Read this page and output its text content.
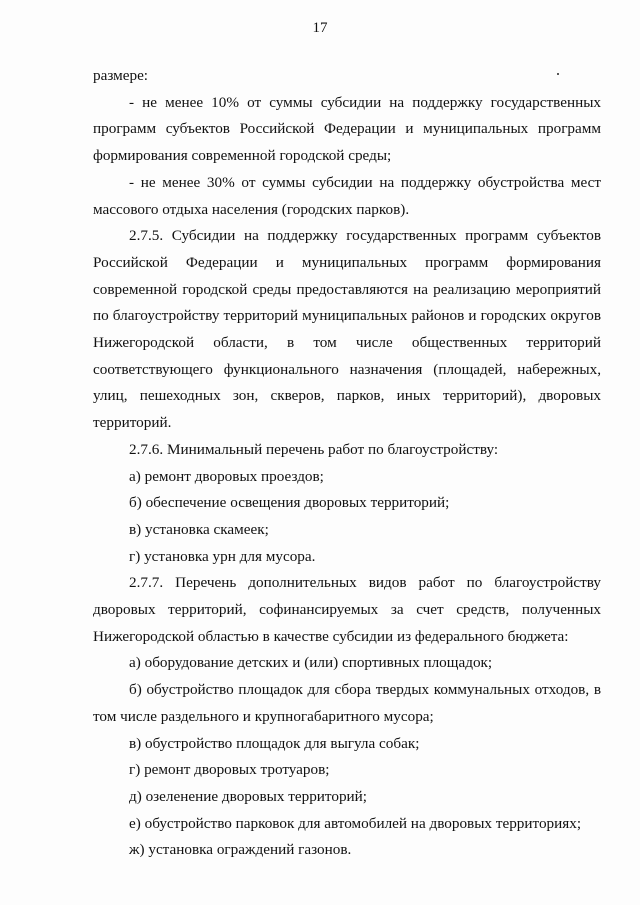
17

размере:

- не менее 10% от суммы субсидии на поддержку государственных программ субъектов Российской Федерации и муниципальных программ формирования современной городской среды;

- не менее 30% от суммы субсидии на поддержку обустройства мест массового отдыха населения (городских парков).

2.7.5. Субсидии на поддержку государственных программ субъектов Российской Федерации и муниципальных программ формирования современной городской среды предоставляются на реализацию мероприятий по благоустройству территорий муниципальных районов и городских округов Нижегородской области, в том числе общественных территорий соответствующего функционального назначения (площадей, набережных, улиц, пешеходных зон, скверов, парков, иных территорий), дворовых территорий.

2.7.6. Минимальный перечень работ по благоустройству:

а) ремонт дворовых проездов;

б) обеспечение освещения дворовых территорий;

в) установка скамеек;

г) установка урн для мусора.

2.7.7. Перечень дополнительных видов работ по благоустройству дворовых территорий, софинансируемых за счет средств, полученных Нижегородской областью в качестве субсидии из федерального бюджета:

а) оборудование детских и (или) спортивных площадок;

б) обустройство площадок для сбора твердых коммунальных отходов, в том числе раздельного и крупногабаритного мусора;

в) обустройство площадок для выгула собак;

г) ремонт дворовых тротуаров;

д) озеленение дворовых территорий;

е) обустройство парковок для автомобилей на дворовых территориях;

ж) установка ограждений газонов.
